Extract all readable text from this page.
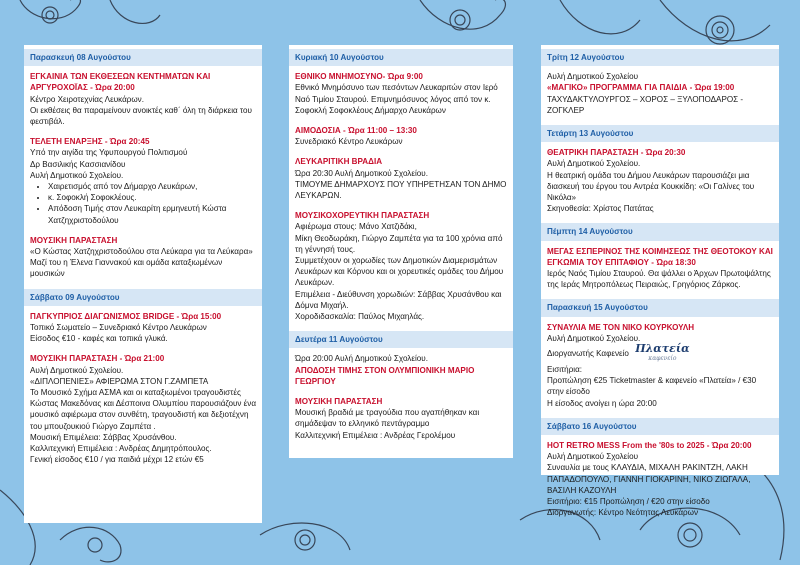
Παρασκευή 08 Αυγούστου
ΕΓΚΑΙΝΙΑ ΤΩΝ ΕΚΘΕΣΕΩΝ ΚΕΝΤΗΜΑΤΩΝ ΚΑΙ ΑΡΓΥΡΟΧΟΪΑΣ - Ώρα 20:00

Κέντρο Χειροτεχνίας Λευκάρων.

Οι εκθέσεις θα παραμείνουν ανοικτές καθ΄ όλη τη διάρκεια του φεστιβάλ.

ΤΕΛΕΤΗ ΕΝΑΡΞΗΣ - Ώρα 20:45

Υπό την αιγίδα της Υφυπουργού Πολιτισμού

Δρ Βασιλικής Κασσιανίδου

Αυλή Δημοτικού Σχολείου.

• Χαιρετισμός από τον Δήμαρχο Λευκάρων,
• κ. Σοφοκλή Σοφοκλέους.
• Απόδοση Τιμής στον Λευκαρίτη ερμηνευτή Κώστα Χατζηχριστοδούλου
ΜΟΥΣΙΚΗ ΠΑΡΑΣΤΑΣΗ

«Ο Κώστας Χατζηχριστοδούλου στα Λεύκαρα για τα Λεύκαρα»

Μαζί του η Έλενα Γιαννακού και ομάδα καταξιωμένων μουσικών

Σάββατο 09 Αυγούστου
ΠΑΓΚΥΠΡΙΟΣ ΔΙΑΓΩΝΙΣΜΟΣ BRIDGE - Ώρα 15:00

Τοπικό Σωματείο – Συνεδριακό Κέντρο Λευκάρων

Είσοδος €10 - καφές και τοπικά γλυκά.

ΜΟΥΣΙΚΗ ΠΑΡΑΣΤΑΣΗ - Ώρα 21:00

Αυλή Δημοτικού Σχολείου.

«ΔΙΠΛΟΠΕΝΙΕΣ» ΑΦΙΕΡΩΜΑ ΣΤΟΝ Γ.ΖΑΜΠΕΤΑ

Το Μουσικό Σχήμα ΑΣΜΑ και οι καταξιωμένοι τραγουδιστές Κώστας Μακεδόνας και Δέσποινα Ολυμπίου παρουσιάζουν ένα μουσικό αφιέρωμα στον συνθέτη, τραγουδιστή και δεξιοτέχνη του μπουζουκιού Γιώργο Ζαμπέτα .

Μουσική Επιμέλεια: Σάββας Χρυσάνθου.

Καλλιτεχνική Επιμέλεια : Ανδρέας Δημητρόπουλος.

Γενική είσοδος €10 / για παιδιά μέχρι 12 ετών €5

Κυριακή 10 Αυγούστου
ΕΘΝΙΚΟ ΜΝΗΜΟΣΥΝΟ- Ώρα 9:00

Εθνικό Μνημόσυνο των πεσόντων Λευκαριτών στον Ιερό Ναό Τιμίου Σταυρού. Επιμνημόσυνος λόγος από τον κ. Σοφοκλή Σοφοκλέους Δήμαρχο Λευκάρων

ΑΙΜΟΔΟΣΙΑ - Ώρα 11:00 – 13:30

Συνεδριακό Κέντρο Λευκάρων

ΛΕΥΚΑΡΙΤΙΚΗ ΒΡΑΔΙΑ

Ώρα 20:30 Αυλή Δημοτικού Σχολείου.

ΤΙΜΟΥΜΕ ΔΗΜΑΡΧΟΥΣ ΠΟΥ ΥΠΗΡΕΤΗΣΑΝ ΤΟΝ ΔΗΜΟ ΛΕΥΚΑΡΩΝ.

ΜΟΥΣΙΚΟΧΟΡΕΥΤΙΚΗ ΠΑΡΑΣΤΑΣΗ

Αφιέρωμα στους: Μάνο Χατζιδάκι,

Μίκη Θεοδωράκη, Γιώργο Ζαμπέτα για τα 100 χρόνια από τη γέννησή τους.

Συμμετέχουν οι χορωδίες των Δημοτικών Διαμερισμάτων Λευκάρων και Κόρνου και οι χορευτικές ομάδες του Δήμου Λευκάρων.

Επιμέλεια - Διεύθυνση χορωδιών: Σάββας Χρυσάνθου και Δόμνα Μιχαήλ.

Χοροδιδασκαλία: Παύλος Μιχαηλάς.

Δευτέρα 11 Αυγούστου

Ώρα 20:00 Αυλή Δημοτικού Σχολείου.

ΑΠΟΔΟΣΗ ΤΙΜΗΣ ΣΤΟΝ ΟΛΥΜΠΙΟΝΙΚΗ ΜΑΡΙΟ ΓΕΩΡΓΙΟΥ
ΜΟΥΣΙΚΗ ΠΑΡΑΣΤΑΣΗ

Μουσική βραδιά με τραγούδια που αγαπήθηκαν και σημάδεψαν το ελληνικό πεντάγραμμο

Καλλιτεχνική Επιμέλεια : Ανδρέας Γερολέμου

Τρίτη 12 Αυγούστου

Αυλή Δημοτικού Σχολείου

«ΜΑΓΙΚΟ» ΠΡΟΓΡΑΜΜΑ ΓΙΑ ΠΑΙΔΙΑ - Ώρα 19:00

ΤΑΧΥΔΑΚΤΥΛΟΥΡΓΟΣ – ΧΟΡΟΣ – ΞΥΛΟΠΟΔΑΡΟΣ - ΖΟΓΚΛΕΡ

Τετάρτη 13 Αυγούστου
ΘΕΑΤΡΙΚΗ ΠΑΡΑΣΤΑΣΗ - Ώρα 20:30

Αυλή Δημοτικού Σχολείου.

Η θεατρική ομάδα του Δήμου Λευκάρων παρουσιάζει μια διασκευή του έργου του Αντρέα Κουκκίδη: «Οι Γαλίνες του Νικόλα»

Σκηνοθεσία: Χρίστος Πατάτας

Πέμπτη 14 Αυγούστου
ΜΕΓΑΣ ΕΣΠΕΡΙΝΟΣ ΤΗΣ ΚΟΙΜΗΣΕΩΣ ΤΗΣ ΘΕΟΤΟΚΟΥ ΚΑΙ ΕΓΚΩΜΙΑ ΤΟΥ ΕΠΙΤΑΦΙΟΥ - Ώρα 18:30

Ιερός Ναός Τιμίου Σταυρού. Θα ψάλλει ο Άρχων Πρωτοψάλτης της Ιεράς Μητροπόλεως Πειραιώς, Γρηγόριος Ζάρκος.

Παρασκευή 15 Αυγούστου
ΣΥΝΑΥΛΙΑ ΜΕ ΤΟΝ ΝΙΚΟ ΚΟΥΡΚΟΥΛΗ

Αυλή Δημοτικού Σχολείου.

Διοργανωτής Καφενείο Πλατεία
καφενείο

Εισιτήρια:

Προπώληση €25 Ticketmaster & καφενείο «Πλατεία» / €30 στην είσοδο

Η είσοδος ανοίγει η ώρα 20:00

Σάββατο 16 Αυγούστου
HOT RETRO MESS From the '80s to 2025 - Ώρα 20:00

Αυλή Δημοτικού Σχολείου

Συναυλία με τους ΚΛΑΥΔΙΑ, ΜΙΧΑΛΗ ΡΑΚΙΝΤΖΗ, ΛΑΚΗ ΠΑΠΑΔΟΠΟΥΛΟ, ΓΙΑΝΝΗ ΓΙΟΚΑΡΙΝΗ, ΝΙΚΟ ΖΙΩΓΑΛΑ, ΒΑΣΙΛΗ ΚΑΖΟΥΛΗ

Εισιτήριο: €15 Προπώληση / €20 στην είσοδο

Διοργανωτής: Κέντρο Νεότητας Λευκάρων
